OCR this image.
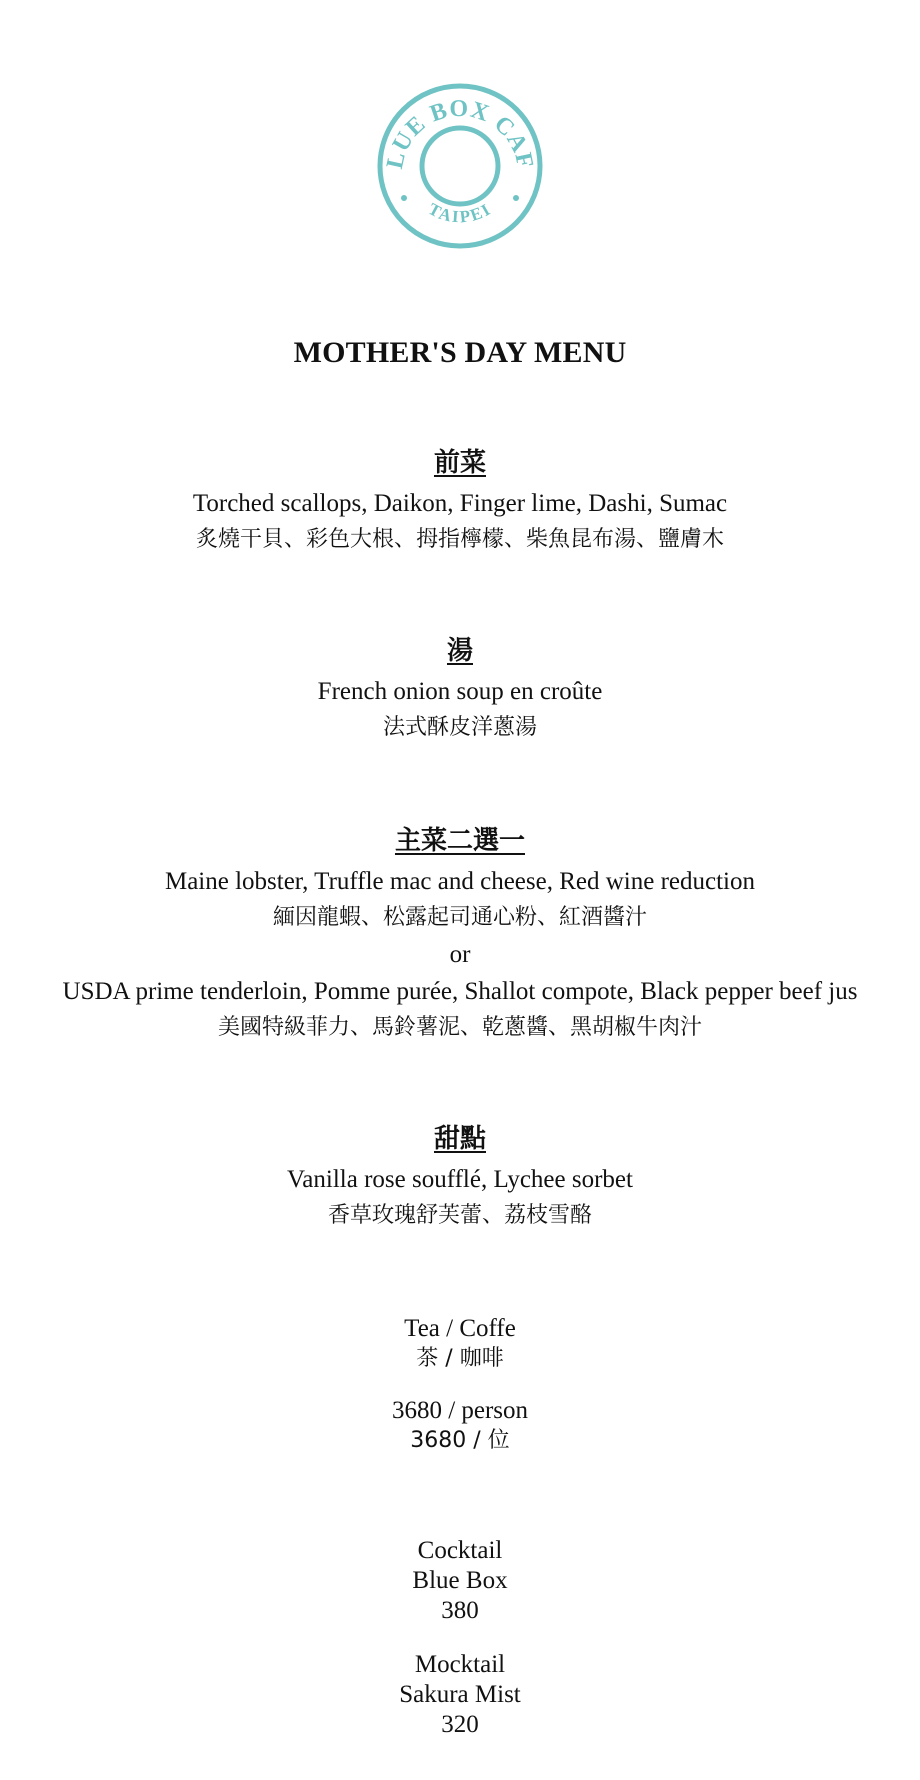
LUE BOX CAF
TAIPEI
MOTHER'S DAY MENU
前菜
Torched scallops, Daikon, Finger lime, Dashi, Sumac
炙燒干貝、彩色大根、拇指檸檬、柴魚昆布湯、鹽膚木
湯
French onion soup en croûte
法式酥皮洋蔥湯
主菜二選一
Maine lobster, Truffle mac and cheese, Red wine reduction
緬因龍蝦、松露起司通心粉、紅酒醬汁
or
USDA prime tenderloin, Pomme purée, Shallot compote, Black pepper beef jus
美國特級菲力、馬鈴薯泥、乾蔥醬、黑胡椒牛肉汁
甜點
Vanilla rose soufflé, Lychee sorbet
香草玫瑰舒芙蕾、荔枝雪酪
Tea / Coffe
茶 / 咖啡
3680 / person
3680 / 位
Cocktail
Blue Box
380
Mocktail
Sakura Mist
320
